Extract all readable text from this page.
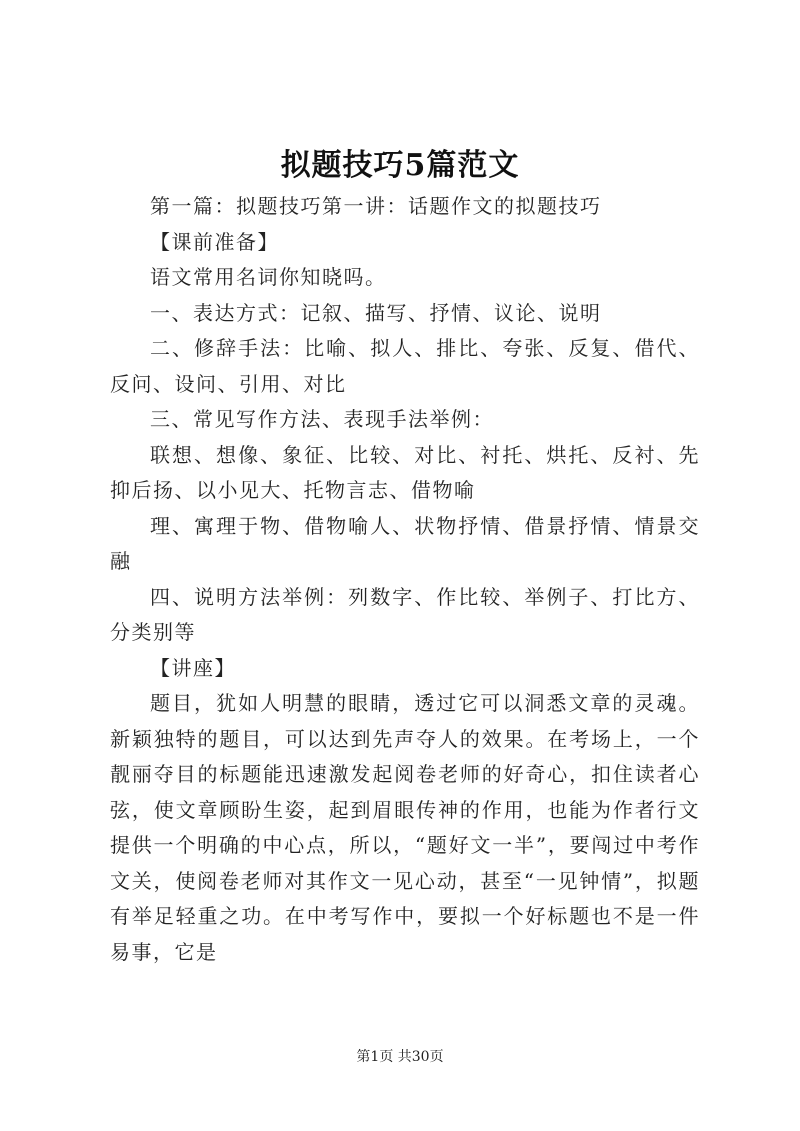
拟题技巧5篇范文

第一篇：拟题技巧第一讲：话题作文的拟题技巧

【课前准备】

语文常用名词你知晓吗。

一、表达方式：记叙、描写、抒情、议论、说明

二、修辞手法：比喻、拟人、排比、夸张、反复、借代、反问、设问、引用、对比

三、常见写作方法、表现手法举例：

联想、想像、象征、比较、对比、衬托、烘托、反衬、先抑后扬、以小见大、托物言志、借物喻

理、寓理于物、借物喻人、状物抒情、借景抒情、情景交融

四、说明方法举例：列数字、作比较、举例子、打比方、分类别等

【讲座】

题目，犹如人明慧的眼睛，透过它可以洞悉文章的灵魂。新颖独特的题目，可以达到先声夺人的效果。在考场上，一个靓丽夺目的标题能迅速激发起阅卷老师的好奇心，扣住读者心弦，使文章顾盼生姿，起到眉眼传神的作用，也能为作者行文提供一个明确的中心点，所以，“题好文一半”，要闯过中考作文关，使阅卷老师对其作文一见心动，甚至“一见钟情”，拟题有举足轻重之功。在中考写作中，要拟一个好标题也不是一件易事，它是

第1页 共30页
